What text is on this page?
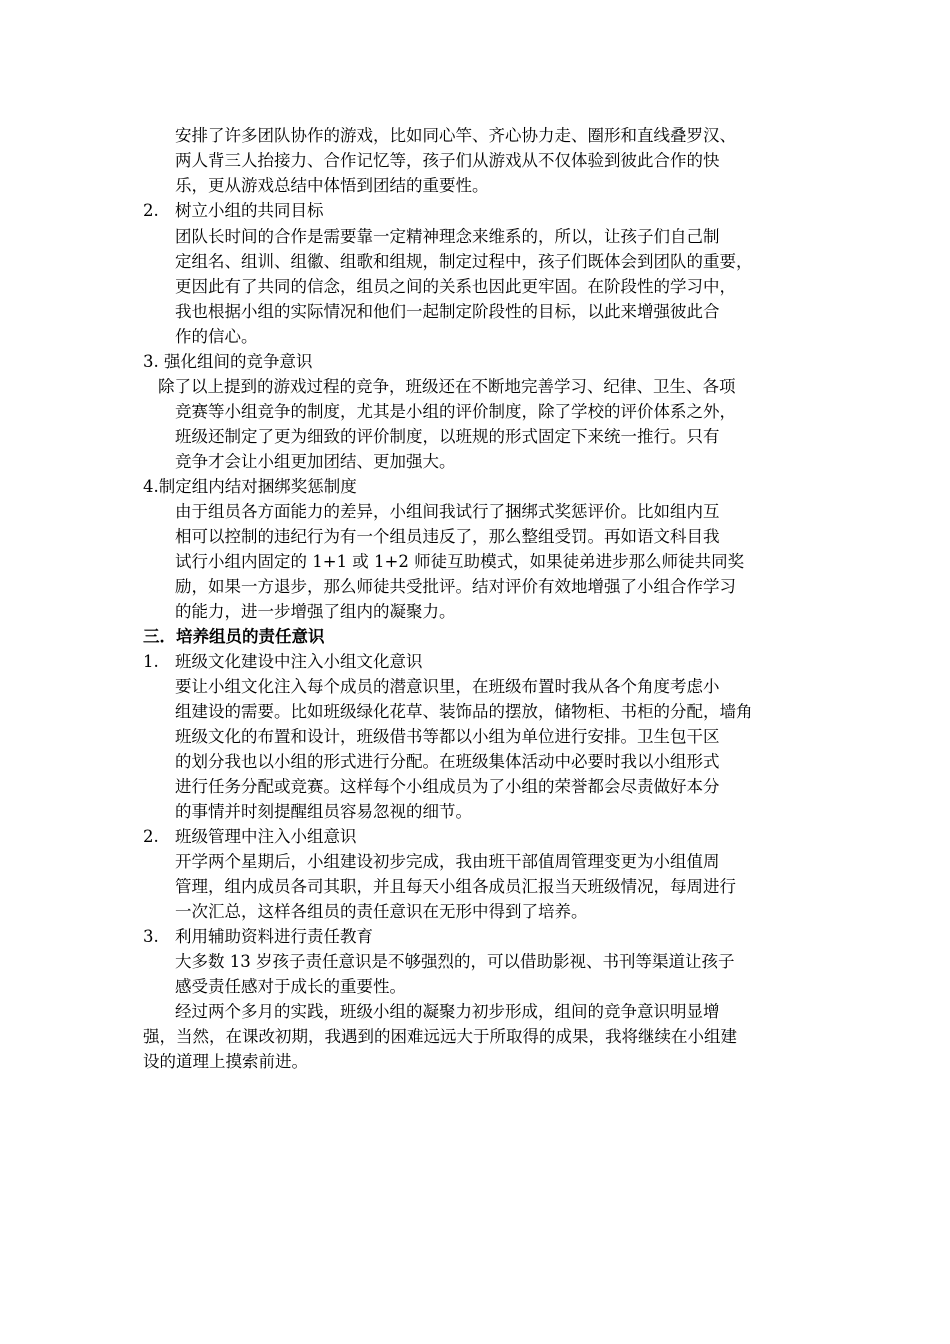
安排了许多团队协作的游戏，比如同心竿、齐心协力走、圈形和直线叠罗汉、
两人背三人抬接力、合作记忆等，孩子们从游戏从不仅体验到彼此合作的快
乐，更从游戏总结中体悟到团结的重要性。
2. 树立小组的共同目标
团队长时间的合作是需要靠一定精神理念来维系的，所以，让孩子们自己制
定组名、组训、组徽、组歌和组规，制定过程中，孩子们既体会到团队的重要，
更因此有了共同的信念，组员之间的关系也因此更牢固。在阶段性的学习中，
我也根据小组的实际情况和他们一起制定阶段性的目标，以此来增强彼此合
作的信心。
3. 强化组间的竞争意识
除了以上提到的游戏过程的竞争，班级还在不断地完善学习、纪律、卫生、各项
竞赛等小组竞争的制度，尤其是小组的评价制度，除了学校的评价体系之外，
班级还制定了更为细致的评价制度，以班规的形式固定下来统一推行。只有
竞争才会让小组更加团结、更加强大。
4.制定组内结对捆绑奖惩制度
由于组员各方面能力的差异，小组间我试行了捆绑式奖惩评价。比如组内互
相可以控制的违纪行为有一个组员违反了，那么整组受罚。再如语文科目我
试行小组内固定的 1+1 或 1+2 师徒互助模式，如果徒弟进步那么师徒共同奖
励，如果一方退步，那么师徒共受批评。结对评价有效地增强了小组合作学习
的能力，进一步增强了组内的凝聚力。
三．培养组员的责任意识
1. 班级文化建设中注入小组文化意识
要让小组文化注入每个成员的潜意识里，在班级布置时我从各个角度考虑小
组建设的需要。比如班级绿化花草、装饰品的摆放，储物柜、书柜的分配，墙角
班级文化的布置和设计，班级借书等都以小组为单位进行安排。卫生包干区
的划分我也以小组的形式进行分配。在班级集体活动中必要时我以小组形式
进行任务分配或竞赛。这样每个小组成员为了小组的荣誉都会尽责做好本分
的事情并时刻提醒组员容易忽视的细节。
2. 班级管理中注入小组意识
开学两个星期后，小组建设初步完成，我由班干部值周管理变更为小组值周
管理，组内成员各司其职，并且每天小组各成员汇报当天班级情况，每周进行
一次汇总，这样各组员的责任意识在无形中得到了培养。
3. 利用辅助资料进行责任教育
大多数 13 岁孩子责任意识是不够强烈的，可以借助影视、书刊等渠道让孩子
感受责任感对于成长的重要性。
经过两个多月的实践，班级小组的凝聚力初步形成，组间的竞争意识明显增
强，当然，在课改初期，我遇到的困难远远大于所取得的成果，我将继续在小组建
设的道理上摸索前进。
